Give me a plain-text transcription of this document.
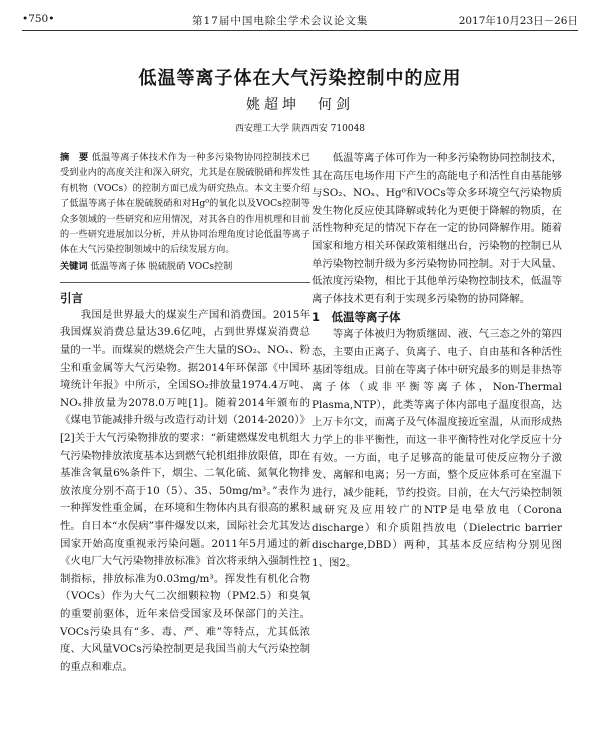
•750•	第17届中国电除尘学术会议论文集	2017年10月23日－26日
低温等离子体在大气污染控制中的应用
姚超坤　何剑
西安理工大学 陕西西安 710048

摘　要 低温等离子体技术作为一种多污染物协同控制技术已受到业内的高度关注和深入研究，尤其是在脱硫脱硝和挥发性有机物（VOCs）的控制方面已成为研究热点。本文主要介绍了低温等离子体在脱硫脱硝和对Hg⁰的氧化以及VOCs控制等众多领域的一些研究和应用情况，对其各自的作用机理和目前的一些研究进展加以分析，并从协同治理角度讨论低温等离子体在大气污染控制领域中的后续发展方向。

关键词 低温等离子体 脱硫脱硝 VOCs控制

引言

我国是世界最大的煤炭生产国和消费国。2015年我国煤炭消费总量达39.6亿吨，占到世界煤炭消费总量的一半。而煤炭的燃烧会产生大量的SO₂、NOₓ、粉尘和重金属等大气污染物。据2014年环保部《中国环境统计年报》中所示，全国SO₂排放量1974.4万吨、NOₓ排放量为2078.0万吨[1]。随着2014年颁布的《煤电节能减排升级与改造行动计划（2014-2020）》[2]关于大气污染物排放的要求：“新建燃煤发电机组大气污染物排放浓度基本达到燃气轮机组排放限值，即在基准含氧量6%条件下，烟尘、二氧化硫、氮氧化物排放浓度分别不高于10（5）、35、50mg/m³。”表作为一种挥发性重金属，在环境和生物体内具有很高的累积性。自日本“水俣病”事件爆发以来，国际社会尤其发达国家开始高度重视汞污染问题。2011年5月通过的新《火电厂大气污染物排放标准》首次将汞纳入强制性控制指标，排放标准为0.03mg/m³。挥发性有机化合物（VOCs）作为大气二次细颗粒物（PM2.5）和臭氧的重要前驱体，近年来倍受国家及环保部门的关注。VOCs污染具有“多、毒、严、难”等特点，尤其低浓度、大风量VOCs污染控制更是我国当前大气污染控制的重点和难点。

低温等离子体可作为一种多污染物协同控制技术，其在高压电场作用下产生的高能电子和活性自由基能够与SO₂、NOₓ、Hg⁰和VOCs等众多环境空气污染物质发生物化反应使其降解或转化为更便于降解的物质，在活性物种充足的情况下存在一定的协同降解作用。随着国家和地方相关环保政策相继出台，污染物的控制已从单污染物控制升级为多污染物协同控制。对于大风量、低浓度污染物，相比于其他单污染物控制技术，低温等离子体技术更有利于实现多污染物的协同降解。

1　低温等离子体

等离子体被归为物质继固、液、气三态之外的第四态，主要由正离子、负离子、电子、自由基和各种活性基团等组成。目前在等离子体中研究最多的则是非热等离子体（或非平衡等离子体，Non-Thermal Plasma,NTP），此类等离子体内部电子温度很高，达上万卡尔文，而离子及气体温度接近室温，从而形成热力学上的非平衡性，而这一非平衡特性对化学反应十分有效。一方面，电子足够高的能量可使反应物分子激发、离解和电离；另一方面，整个反应体系可在室温下进行，减少能耗，节约投资。目前，在大气污染控制领域研究及应用较广的NTP是电晕放电（Corona discharge）和介质阻挡放电（Dielectric barrier discharge,DBD）两种，其基本反应结构分别见图1、图2。
